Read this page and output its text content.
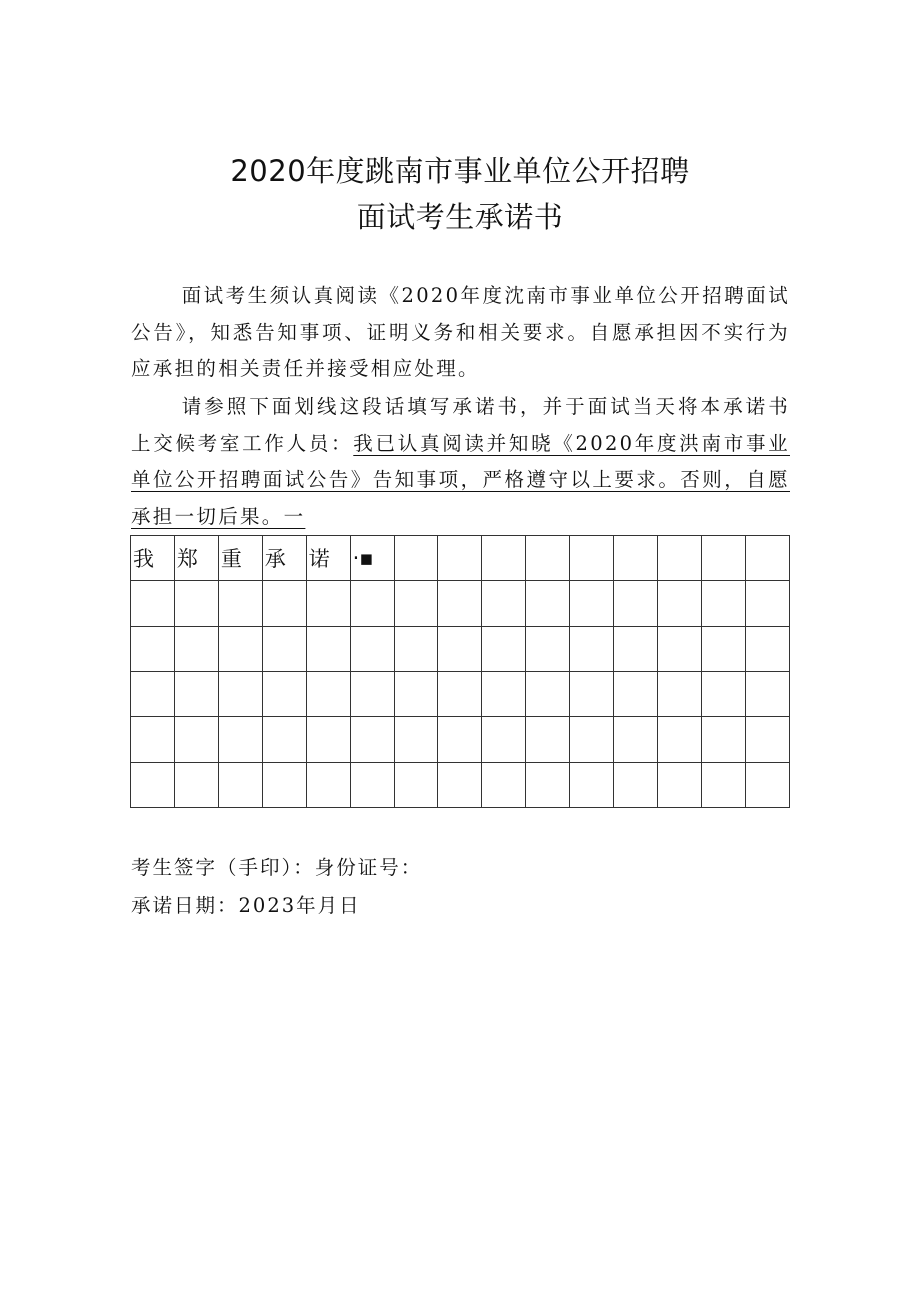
2020年度跳南市事业单位公开招聘
面试考生承诺书

面试考生须认真阅读《2020年度沈南市事业单位公开招聘面试公告》，知悉告知事项、证明义务和相关要求。自愿承担因不实行为应承担的相关责任并接受相应处理。

请参照下面划线这段话填写承诺书，并于面试当天将本承诺书上交候考室工作人员：我已认真阅读并知晓《2020年度洪南市事业单位公开招聘面试公告》告知事项，严格遵守以上要求。否则，自愿承担一切后果。一

我	郑	重	承	诺	·▪									

考生签字（手印）：身份证号：
承诺日期：2023年月日
